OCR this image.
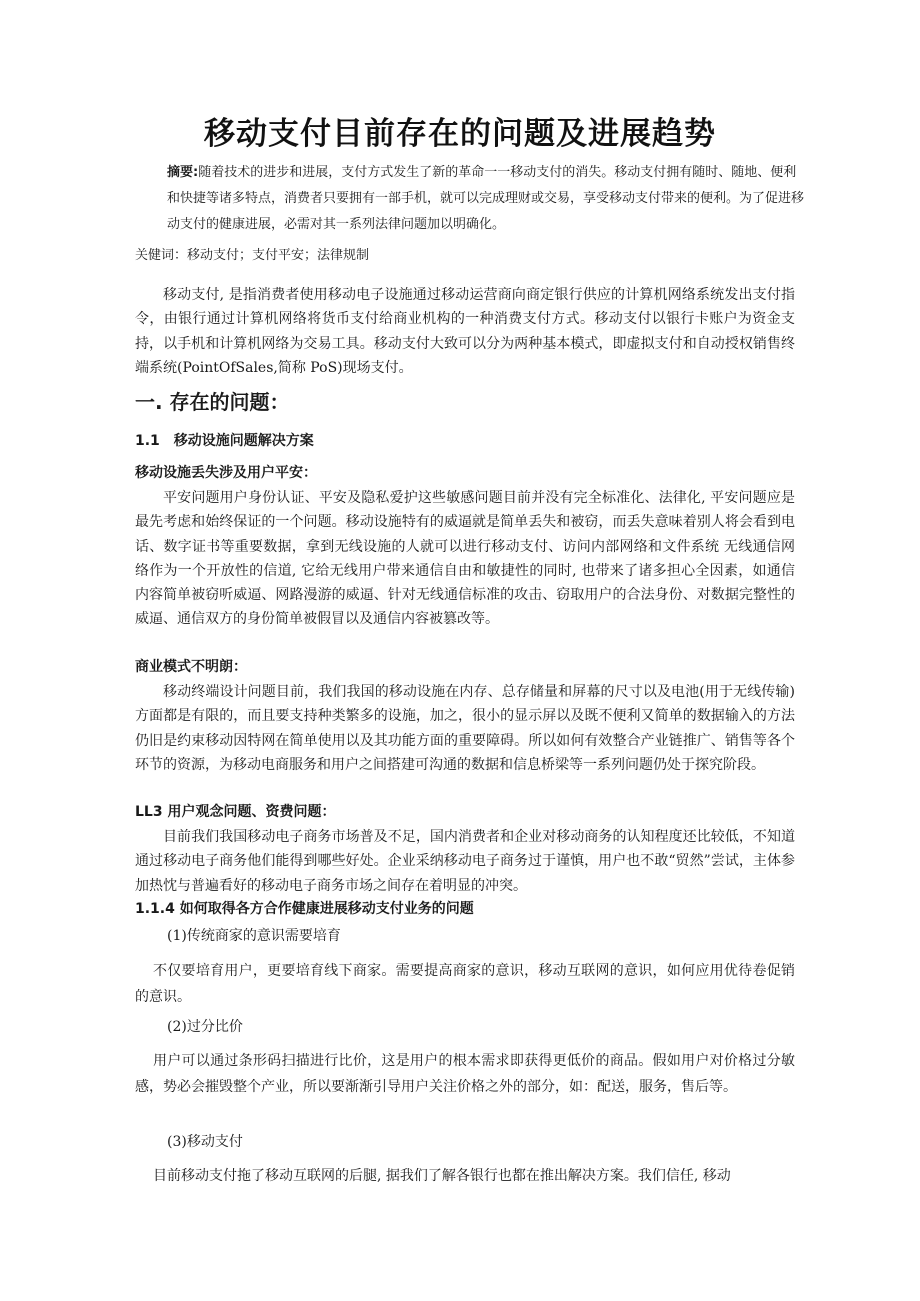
移动支付目前存在的问题及进展趋势

摘要:随着技术的进步和进展，支付方式发生了新的革命一一移动支付的消失。移动支付拥有随时、随地、便利和快捷等诸多特点，消费者只要拥有一部手机，就可以完成理财或交易，享受移动支付带来的便利。为了促进移动支付的健康进展，必需对其一系列法律问题加以明确化。

关健词：移动支付；支付平安；法律规制

移动支付, 是指消费者使用移动电子设施通过移动运营商向商定银行供应的计算机网络系统发出支付指令，由银行通过计算机网络将货币支付给商业机构的一种消费支付方式。移动支付以银行卡账户为资金支持，以手机和计算机网络为交易工具。移动支付大致可以分为两种基本模式，即虚拟支付和自动授权销售终端系统(PointOfSales,简称 PoS)现场支付。

一. 存在的问题：
1.1　移动设施问题解决方案
移动设施丢失涉及用户平安：

平安问题用户身份认证、平安及隐私爱护这些敏感问题目前并没有完全标准化、法律化, 平安问题应是最先考虑和始终保证的一个问题。移动设施特有的威逼就是简单丢失和被窃，而丢失意味着别人将会看到电话、数字证书等重要数据，拿到无线设施的人就可以进行移动支付、访问内部网络和文件系统 无线通信网络作为一个开放性的信道, 它给无线用户带来通信自由和敏捷性的同时, 也带来了诸多担心全因素，如通信内容简单被窃听威逼、网路漫游的威逼、针对无线通信标准的攻击、窃取用户的合法身份、对数据完整性的威逼、通信双方的身份简单被假冒以及通信内容被篡改等。

商业模式不明朗：

移动终端设计问题目前，我们我国的移动设施在内存、总存储量和屏幕的尺寸以及电池(用于无线传输)方面都是有限的，而且要支持种类繁多的设施，加之，很小的显示屏以及既不便利又简单的数据输入的方法仍旧是约束移动因特网在简单使用以及其功能方面的重要障碍。所以如何有效整合产业链推广、销售等各个环节的资源，为移动电商服务和用户之间搭建可沟通的数据和信息桥梁等一系列问题仍处于探究阶段。

LL3 用户观念问题、资费问题：

目前我们我国移动电子商务市场普及不足，国内消费者和企业对移动商务的认知程度还比较低，不知道通过移动电子商务他们能得到哪些好处。企业采纳移动电子商务过于谨慎，用户也不敢“贸然”尝试，主体参加热忱与普遍看好的移动电子商务市场之间存在着明显的冲突。

1.1.4 如何取得各方合作健康进展移动支付业务的问题

(1)传统商家的意识需要培育

不仅要培育用户，更要培育线下商家。需要提高商家的意识，移动互联网的意识，如何应用优待卷促销的意识。

(2)过分比价

用户可以通过条形码扫描进行比价，这是用户的根本需求即获得更低价的商品。假如用户对价格过分敏感，势必会摧毁整个产业，所以要渐渐引导用户关注价格之外的部分，如：配送，服务，售后等。

(3)移动支付

目前移动支付拖了移动互联网的后腿, 据我们了解各银行也都在推出解决方案。我们信任, 移动
